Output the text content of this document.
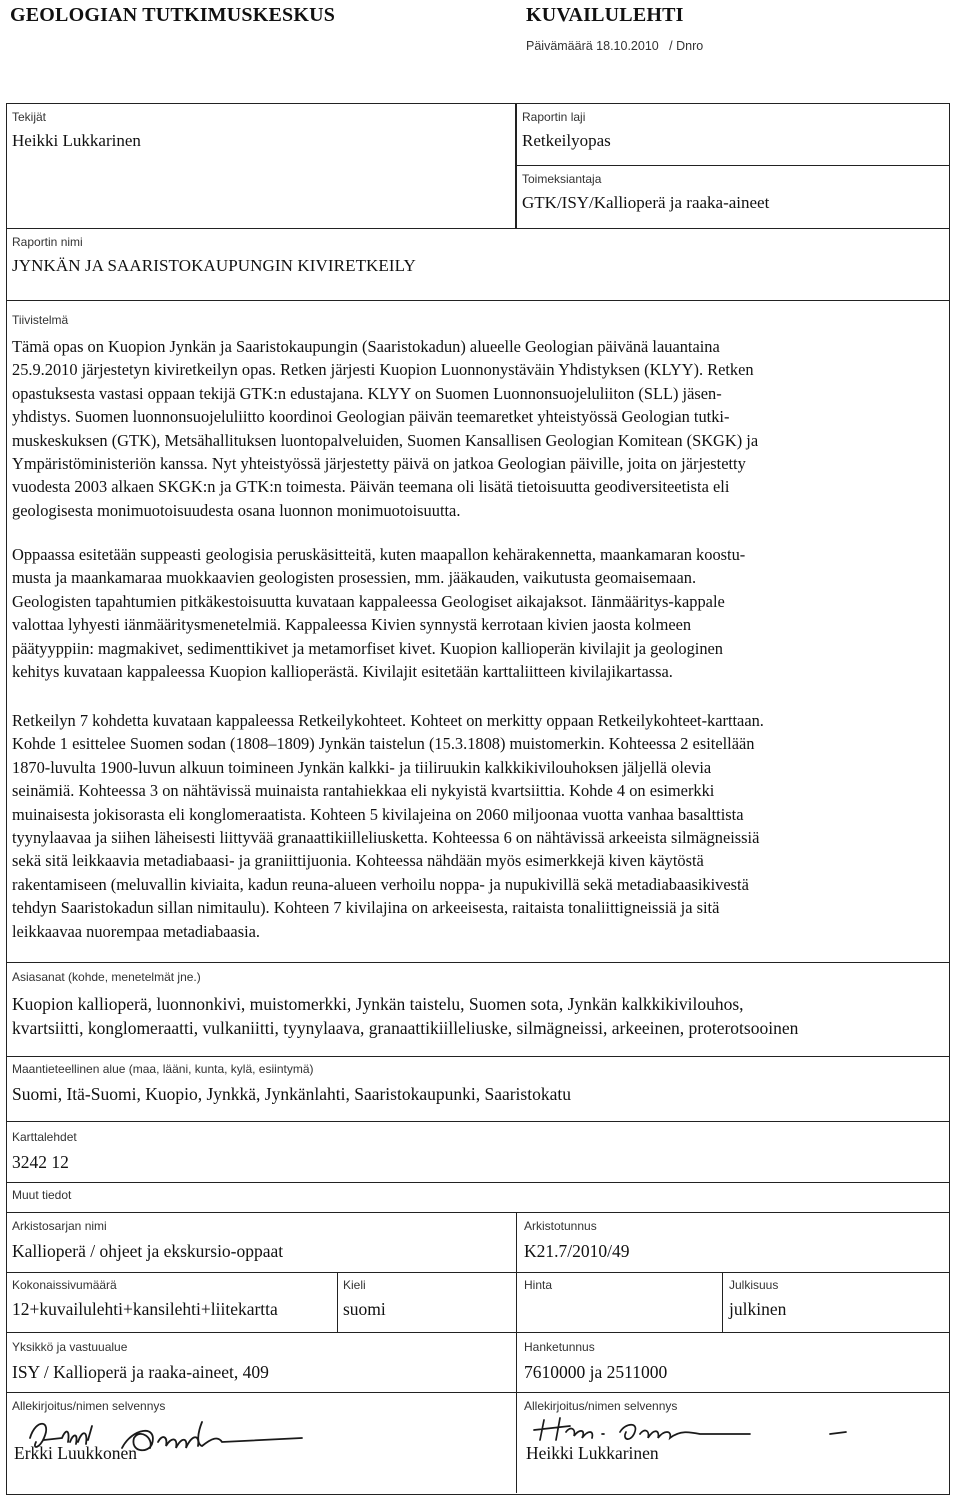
GEOLOGIAN TUTKIMUSKESKUS	KUVAILULEHTI
Päivämäärä 18.10.2010   / Dnro
Tekijät
Heikki Lukkarinen
Raportin laji
Retkeilyopas
Toimeksiantaja
GTK/ISY/Kallioperä ja raaka-aineet
Raportin nimi
JYNKÄN JA SAARISTOKAUPUNGIN KIVIRETKEILY
Tiivistelmä
Tämä opas on Kuopion Jynkän ja Saaristokaupungin (Saaristokadun) alueelle Geologian päivänä lauantaina
25.9.2010 järjestetyn kiviretkeilyn opas. Retken järjesti Kuopion Luonnonystäväin Yhdistyksen (KLYY). Retken
opastuksesta vastasi oppaan tekijä GTK:n edustajana. KLYY on Suomen Luonnonsuojeluliiton (SLL) jäsen-
yhdistys. Suomen luonnonsuojeluliitto koordinoi Geologian päivän teemaretket yhteistyössä Geologian tutki-
muskeskuksen (GTK), Metsähallituksen luontopalveluiden, Suomen Kansallisen Geologian Komitean (SKGK) ja
Ympäristöministeriön kanssa. Nyt yhteistyössä järjestetty päivä on jatkoa Geologian päiville, joita on järjestetty
vuodesta 2003 alkaen SKGK:n ja GTK:n toimesta. Päivän teemana oli lisätä tietoisuutta geodiversiteetista eli
geologisesta monimuotoisuudesta osana luonnon monimuotoisuutta.
Oppaassa esitetään suppeasti geologisia peruskäsitteitä, kuten maapallon kehärakennetta, maankamaran koostu-
musta ja maankamaraa muokkaavien geologisten prosessien, mm. jääkauden, vaikutusta geomaisemaan.
Geologisten tapahtumien pitkäkestoisuutta kuvataan kappaleessa Geologiset aikajaksot. Iänmääritys-kappale
valottaa lyhyesti iänmääritysmenetelmiä. Kappaleessa Kivien synnystä kerrotaan kivien jaosta kolmeen
päätyyppiin: magmakivet, sedimenttikivet ja metamorfiset kivet. Kuopion kallioperän kivilajit ja geologinen
kehitys kuvataan kappaleessa Kuopion kallioperästä. Kivilajit esitetään karttaliitteen kivilajikartassa.
Retkeilyn 7 kohdetta kuvataan kappaleessa Retkeilykohteet. Kohteet on merkitty oppaan Retkeilykohteet-karttaan.
Kohde 1 esittelee Suomen sodan (1808–1809) Jynkän taistelun (15.3.1808) muistomerkin. Kohteessa 2 esitellään
1870-luvulta 1900-luvun alkuun toimineen Jynkän kalkki- ja tiiliruukin kalkkikivilouhoksen jäljellä olevia
seinämiä. Kohteessa 3 on nähtävissä muinaista rantahiekkaa eli nykyistä kvartsiittia. Kohde 4 on esimerkki
muinaisesta jokisorasta eli konglomeraatista. Kohteen 5 kivilajeina on 2060 miljoonaa vuotta vanhaa basalttista
tyynylaavaa ja siihen läheisesti liittyvää granaattikiilleliusketta. Kohteessa 6 on nähtävissä arkeeista silmägneissiä
sekä sitä leikkaavia metadiabaasi- ja graniittijuonia. Kohteessa nähdään myös esimerkkejä kiven käytöstä
rakentamiseen (meluvallin kiviaita, kadun reuna-alueen verhoilu noppa- ja nupukivillä sekä metadiabaasikivestä
tehdyn Saaristokadun sillan nimitaulu). Kohteen 7 kivilajina on arkeeisesta, raitaista tonaliittigneissiä ja sitä
leikkaavaa nuorempaa metadiabaasia.
Asiasanat (kohde, menetelmät jne.)
Kuopion kallioperä, luonnonkivi, muistomerkki, Jynkän taistelu, Suomen sota, Jynkän kalkkikivilouhos,
kvartsiitti, konglomeraatti, vulkaniitti, tyynylaava, granaattikiilleliuske, silmägneissi, arkeeinen, proterotsooinen
Maantieteellinen alue (maa, lääni, kunta, kylä, esiintymä)
Suomi, Itä-Suomi, Kuopio, Jynkkä, Jynkänlahti, Saaristokaupunki, Saaristokatu
Karttalehdet
3242 12
Muut tiedot
Arkistosarjan nimi
Kallioperä / ohjeet ja ekskursio-oppaat
Arkistotunnus
K21.7/2010/49
Kokonaissivumäärä
12+kuvailulehti+kansilehti+liitekartta
Kieli
suomi
Hinta	Julkisuus
julkinen
Yksikkö ja vastuualue
ISY / Kallioperä ja raaka-aineet, 409
Hanketunnus
7610000 ja 2511000
Allekirjoitus/nimen selvennys
Erkki Luukkonen
Allekirjoitus/nimen selvennys
Heikki Lukkarinen
